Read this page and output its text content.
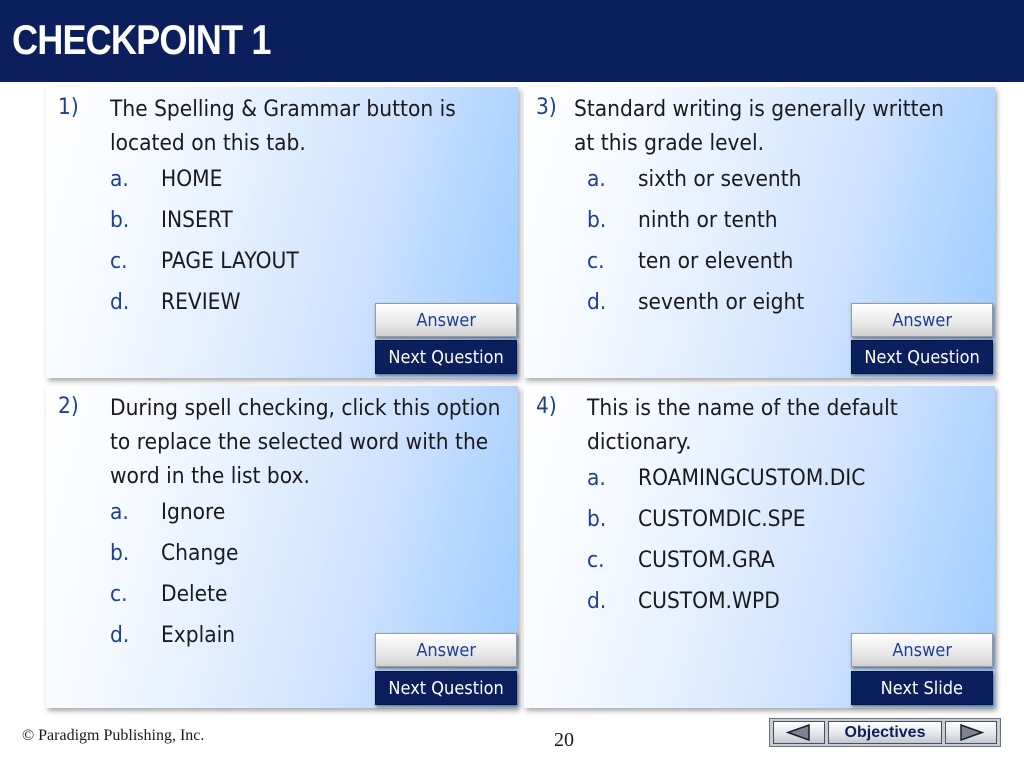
CHECKPOINT 1
1) The Spelling & Grammar button is located on this tab.
a. HOME
b. INSERT
c. PAGE LAYOUT
d. REVIEW
Answer
Next Question
3) Standard writing is generally written at this grade level.
a. sixth or seventh
b. ninth or tenth
c. ten or eleventh
d. seventh or eight
Answer
Next Question
2) During spell checking, click this option to replace the selected word with the word in the list box.
a. Ignore
b. Change
c. Delete
d. Explain
Answer
Next Question
4) This is the name of the default dictionary.
a. ROAMINGCUSTOM.DIC
b. CUSTOMDIC.SPE
c. CUSTOM.GRA
d. CUSTOM.WPD
Answer
Next Slide
© Paradigm Publishing, Inc.	20	Objectives
